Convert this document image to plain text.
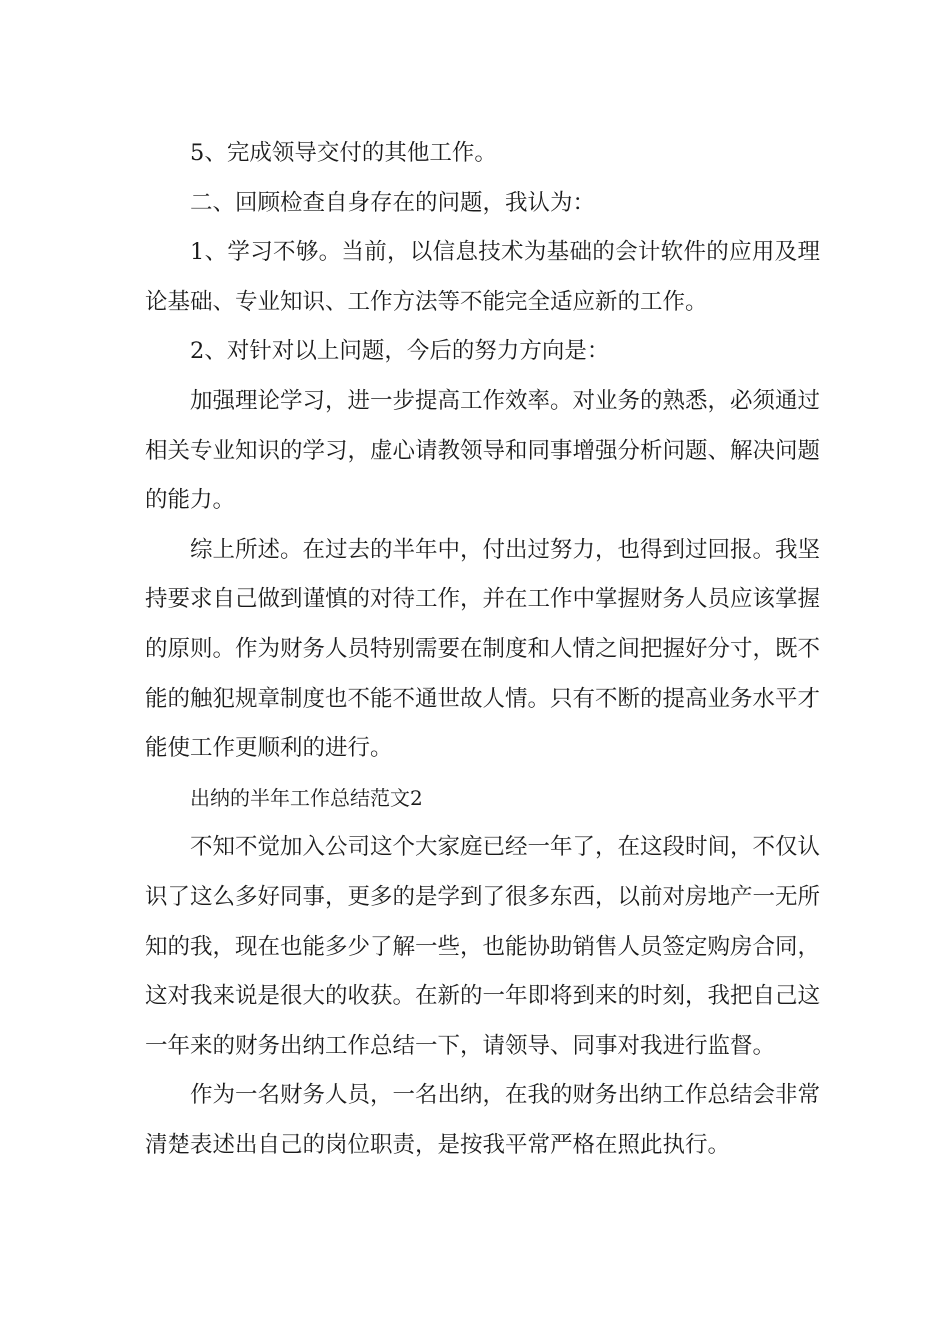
5、完成领导交付的其他工作。

二、回顾检查自身存在的问题，我认为：

1、学习不够。当前，以信息技术为基础的会计软件的应用及理论基础、专业知识、工作方法等不能完全适应新的工作。

2、对针对以上问题，今后的努力方向是：

加强理论学习，进一步提高工作效率。对业务的熟悉，必须通过相关专业知识的学习，虚心请教领导和同事增强分析问题、解决问题的能力。

综上所述。在过去的半年中，付出过努力，也得到过回报。我坚持要求自己做到谨慎的对待工作，并在工作中掌握财务人员应该掌握的原则。作为财务人员特别需要在制度和人情之间把握好分寸，既不能的触犯规章制度也不能不通世故人情。只有不断的提高业务水平才能使工作更顺利的进行。

出纳的半年工作总结范文2

不知不觉加入公司这个大家庭已经一年了，在这段时间，不仅认识了这么多好同事，更多的是学到了很多东西，以前对房地产一无所知的我，现在也能多少了解一些，也能协助销售人员签定购房合同，这对我来说是很大的收获。在新的一年即将到来的时刻，我把自己这一年来的财务出纳工作总结一下，请领导、同事对我进行监督。

作为一名财务人员，一名出纳，在我的财务出纳工作总结会非常清楚表述出自己的岗位职责，是按我平常严格在照此执行。
